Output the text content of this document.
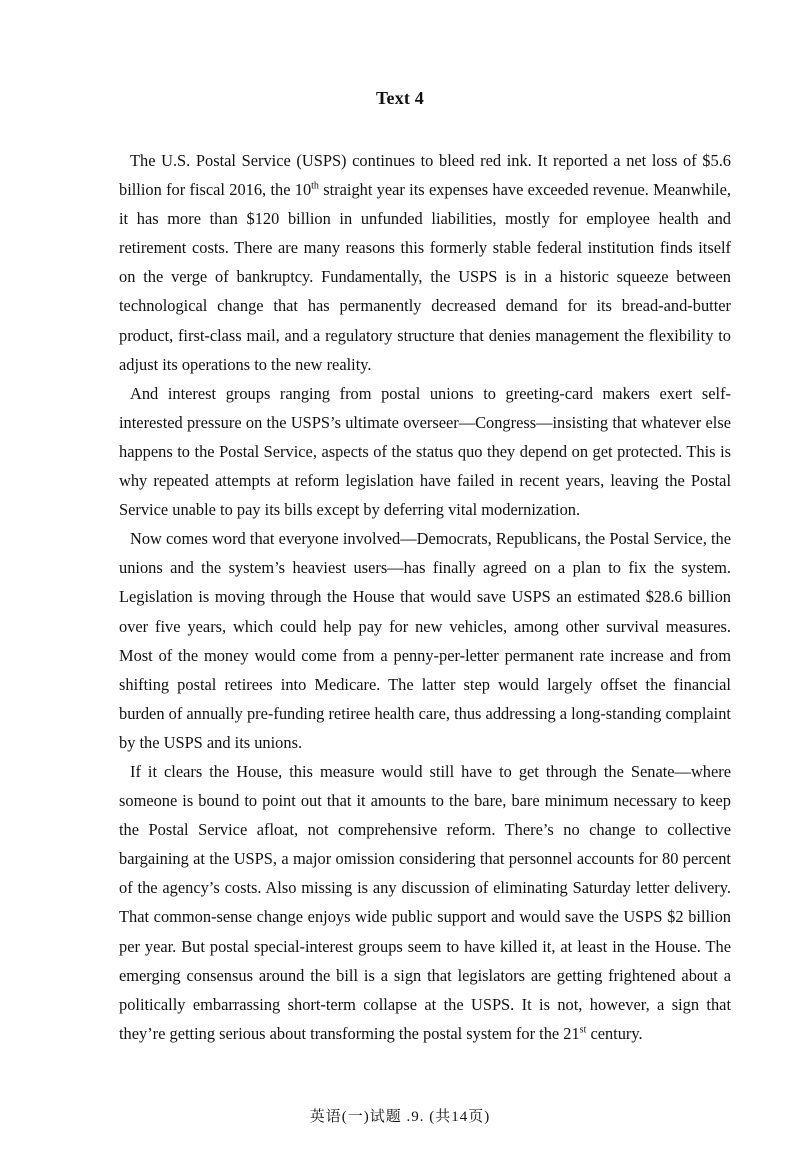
Text 4

The U.S. Postal Service (USPS) continues to bleed red ink. It reported a net loss of $5.6 billion for fiscal 2016, the 10th straight year its expenses have exceeded revenue. Meanwhile, it has more than $120 billion in unfunded liabilities, mostly for employee health and retirement costs. There are many reasons this formerly stable federal institution finds itself on the verge of bankruptcy. Fundamentally, the USPS is in a historic squeeze between technological change that has permanently decreased demand for its bread-and-butter product, first-class mail, and a regulatory structure that denies management the flexibility to adjust its operations to the new reality.

And interest groups ranging from postal unions to greeting-card makers exert self-interested pressure on the USPS’s ultimate overseer—Congress—insisting that whatever else happens to the Postal Service, aspects of the status quo they depend on get protected. This is why repeated attempts at reform legislation have failed in recent years, leaving the Postal Service unable to pay its bills except by deferring vital modernization.

Now comes word that everyone involved—Democrats, Republicans, the Postal Service, the unions and the system’s heaviest users—has finally agreed on a plan to fix the system. Legislation is moving through the House that would save USPS an estimated $28.6 billion over five years, which could help pay for new vehicles, among other survival measures. Most of the money would come from a penny-per-letter permanent rate increase and from shifting postal retirees into Medicare. The latter step would largely offset the financial burden of annually pre-funding retiree health care, thus addressing a long-standing complaint by the USPS and its unions.

If it clears the House, this measure would still have to get through the Senate—where someone is bound to point out that it amounts to the bare, bare minimum necessary to keep the Postal Service afloat, not comprehensive reform. There’s no change to collective bargaining at the USPS, a major omission considering that personnel accounts for 80 percent of the agency’s costs. Also missing is any discussion of eliminating Saturday letter delivery. That common-sense change enjoys wide public support and would save the USPS $2 billion per year. But postal special-interest groups seem to have killed it, at least in the House. The emerging consensus around the bill is a sign that legislators are getting frightened about a politically embarrassing short-term collapse at the USPS. It is not, however, a sign that they’re getting serious about transforming the postal system for the 21st century.

英语(一)试题 .9. (共14页)
